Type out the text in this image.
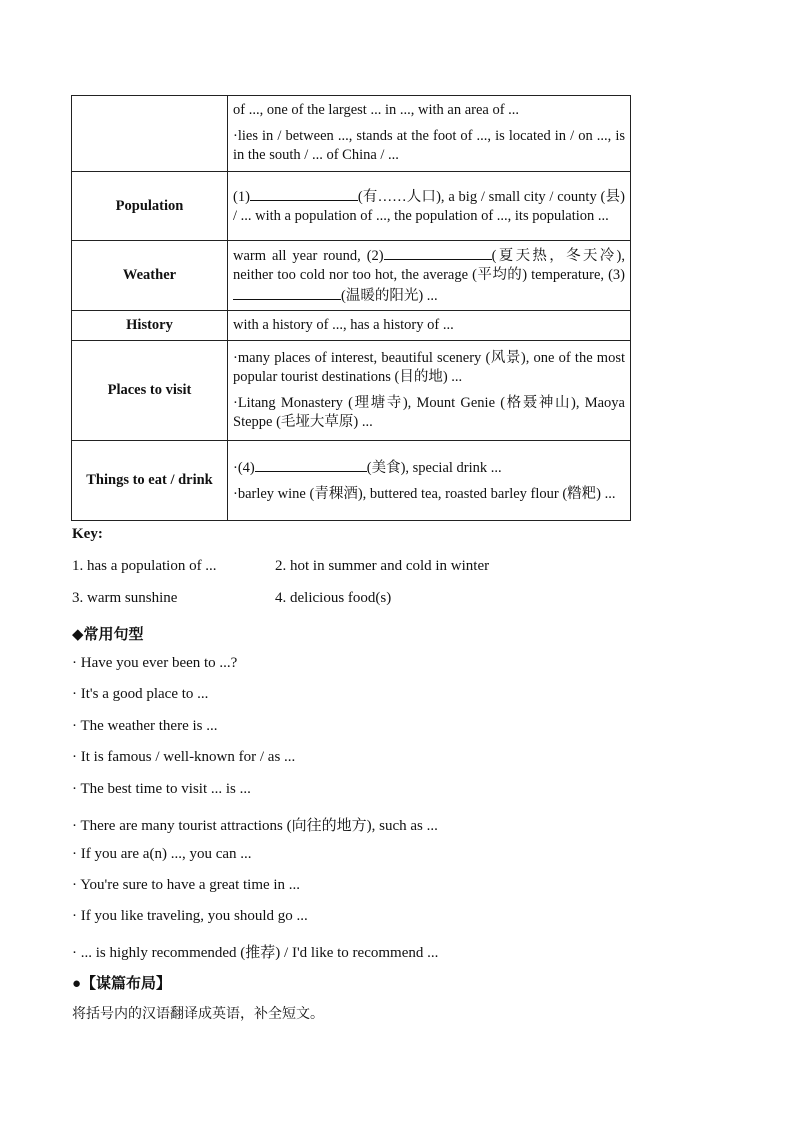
	of ..., one of the largest ... in ..., with an area of ...

·lies in / between ..., stands at the foot of ..., is located in / on ..., is in the south / ... of China / ...

Population	(1) (有……人口), a big / small city / county (县) / ... with a population of ..., the population of ..., its population ...

Weather	warm all year round, (2) (夏天热，冬天冷), neither too cold nor too hot, the average (平均的) temperature, (3)(温暖的阳光) ...

History	with a history of ..., has a history of ...
Places to visit	·many places of interest, beautiful scenery (风景), one of the most popular tourist destinations (目的地) ...

·Litang Monastery (理塘寺), Mount Genie (格聂神山), Maoya Steppe (毛垭大草原) ...

Things to eat / drink	·(4) (美食), special drink ...

·barley wine (青稞酒), buttered tea, roasted barley flour (糌粑) ...

Key:
1. has a population of ...	2. hot in summer and cold in winter
3. warm sunshine	4. delicious food(s)
◆常用句型
· Have you ever been to ...?
· It's a good place to ...
· The weather there is ...
· It is famous / well-known for / as ...
· The best time to visit ... is ...
· There are many tourist attractions (向往的地方), such as ...
· If you are a(n) ..., you can ...
· You're sure to have a great time in ...
· If you like traveling, you should go ...
· ... is highly recommended (推荐) / I'd like to recommend ...
●【谋篇布局】
将括号内的汉语翻译成英语，补全短文。
